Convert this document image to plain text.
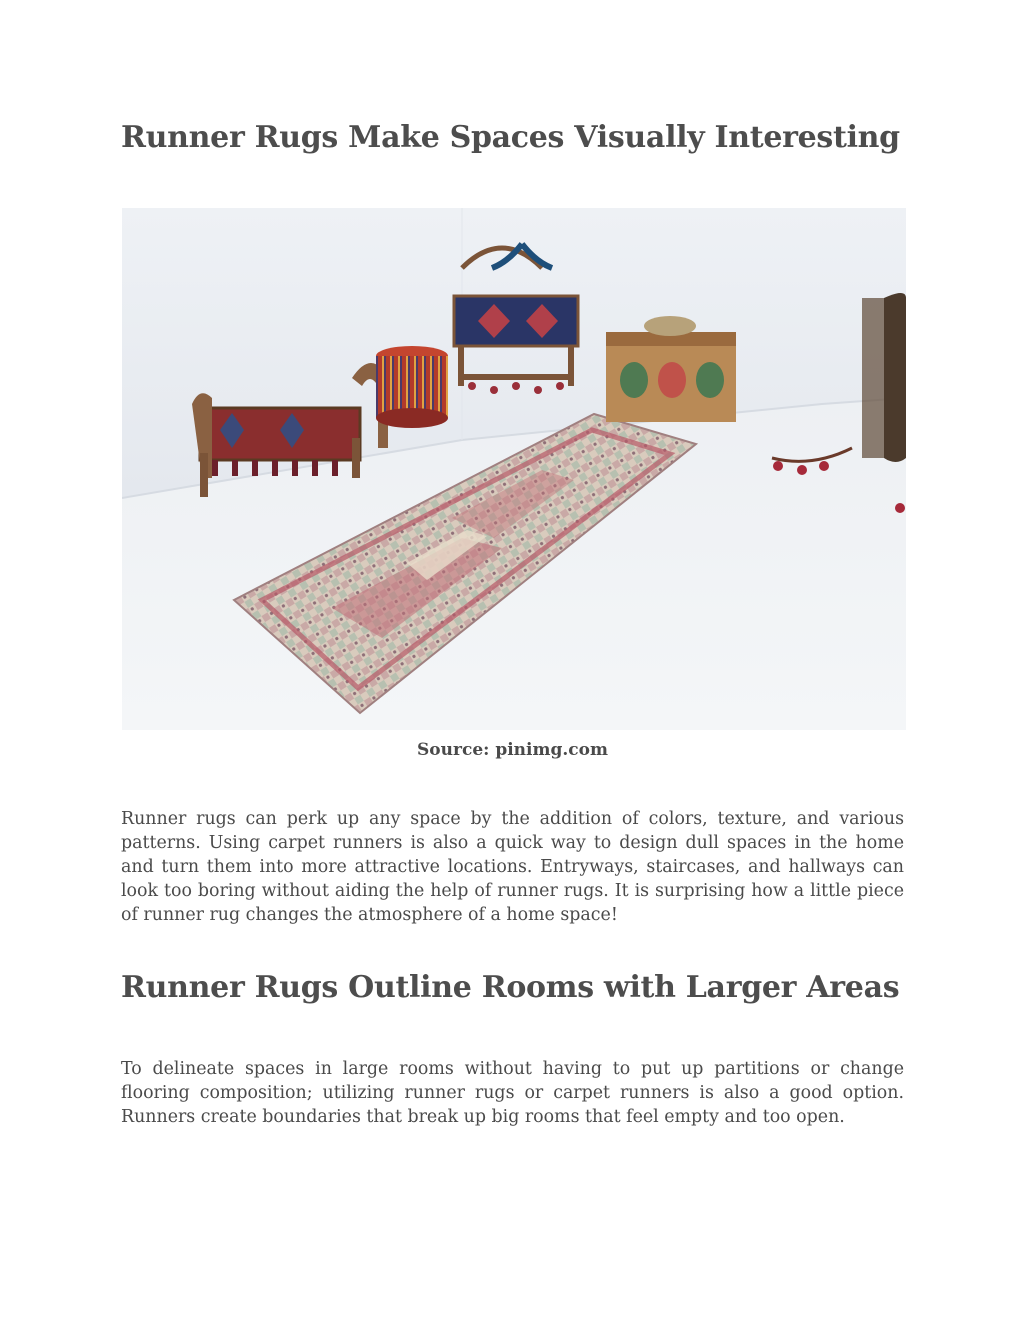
Runner Rugs Make Spaces Visually Interesting
Source: pinimg.com

Runner rugs can perk up any space by the addition of colors, texture, and various patterns. Using carpet runners is also a quick way to design dull spaces in the home and turn them into more attractive locations. Entryways, staircases, and hallways can look too boring without aiding the help of runner rugs. It is surprising how a little piece of runner rug changes the atmosphere of a home space!

Runner Rugs Outline Rooms with Larger Areas

To delineate spaces in large rooms without having to put up partitions or change flooring composition; utilizing runner rugs or carpet runners is also a good option. Runners create boundaries that break up big rooms that feel empty and too open.
